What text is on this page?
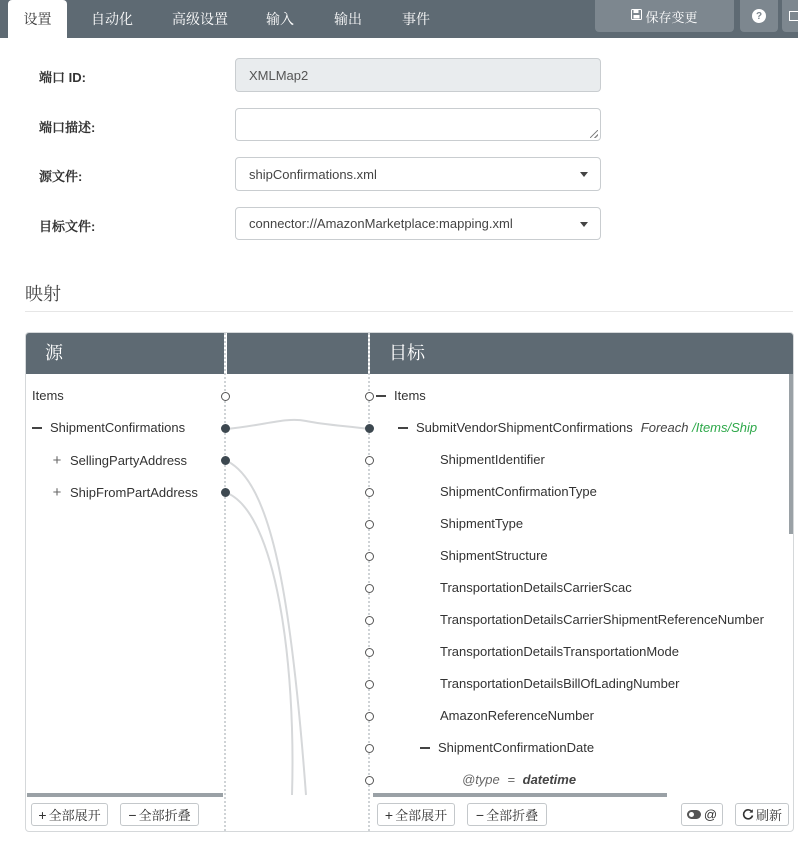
设置	自动化	高级设置	输入	输出	事件	保存变更	?
端口 ID:	XMLMap2
端口描述:
源文件:	shipConfirmations.xml
目标文件:	connector://AmazonMarketplace:mapping.xml
映射
源	目标
Items
ShipmentConfirmations
+ SellingPartyAddress
+ ShipFromPartAddress
Items
SubmitVendorShipmentConfirmations Foreach /Items/Ship
ShipmentIdentifier
ShipmentConfirmationType
ShipmentType
ShipmentStructure
TransportationDetailsCarrierScac
TransportationDetailsCarrierShipmentReferenceNumber
TransportationDetailsTransportationMode
TransportationDetailsBillOfLadingNumber
AmazonReferenceNumber
ShipmentConfirmationDate
@type = datetime
+ 全部展开 − 全部折叠	+ 全部展开 − 全部折叠	@	刷新
